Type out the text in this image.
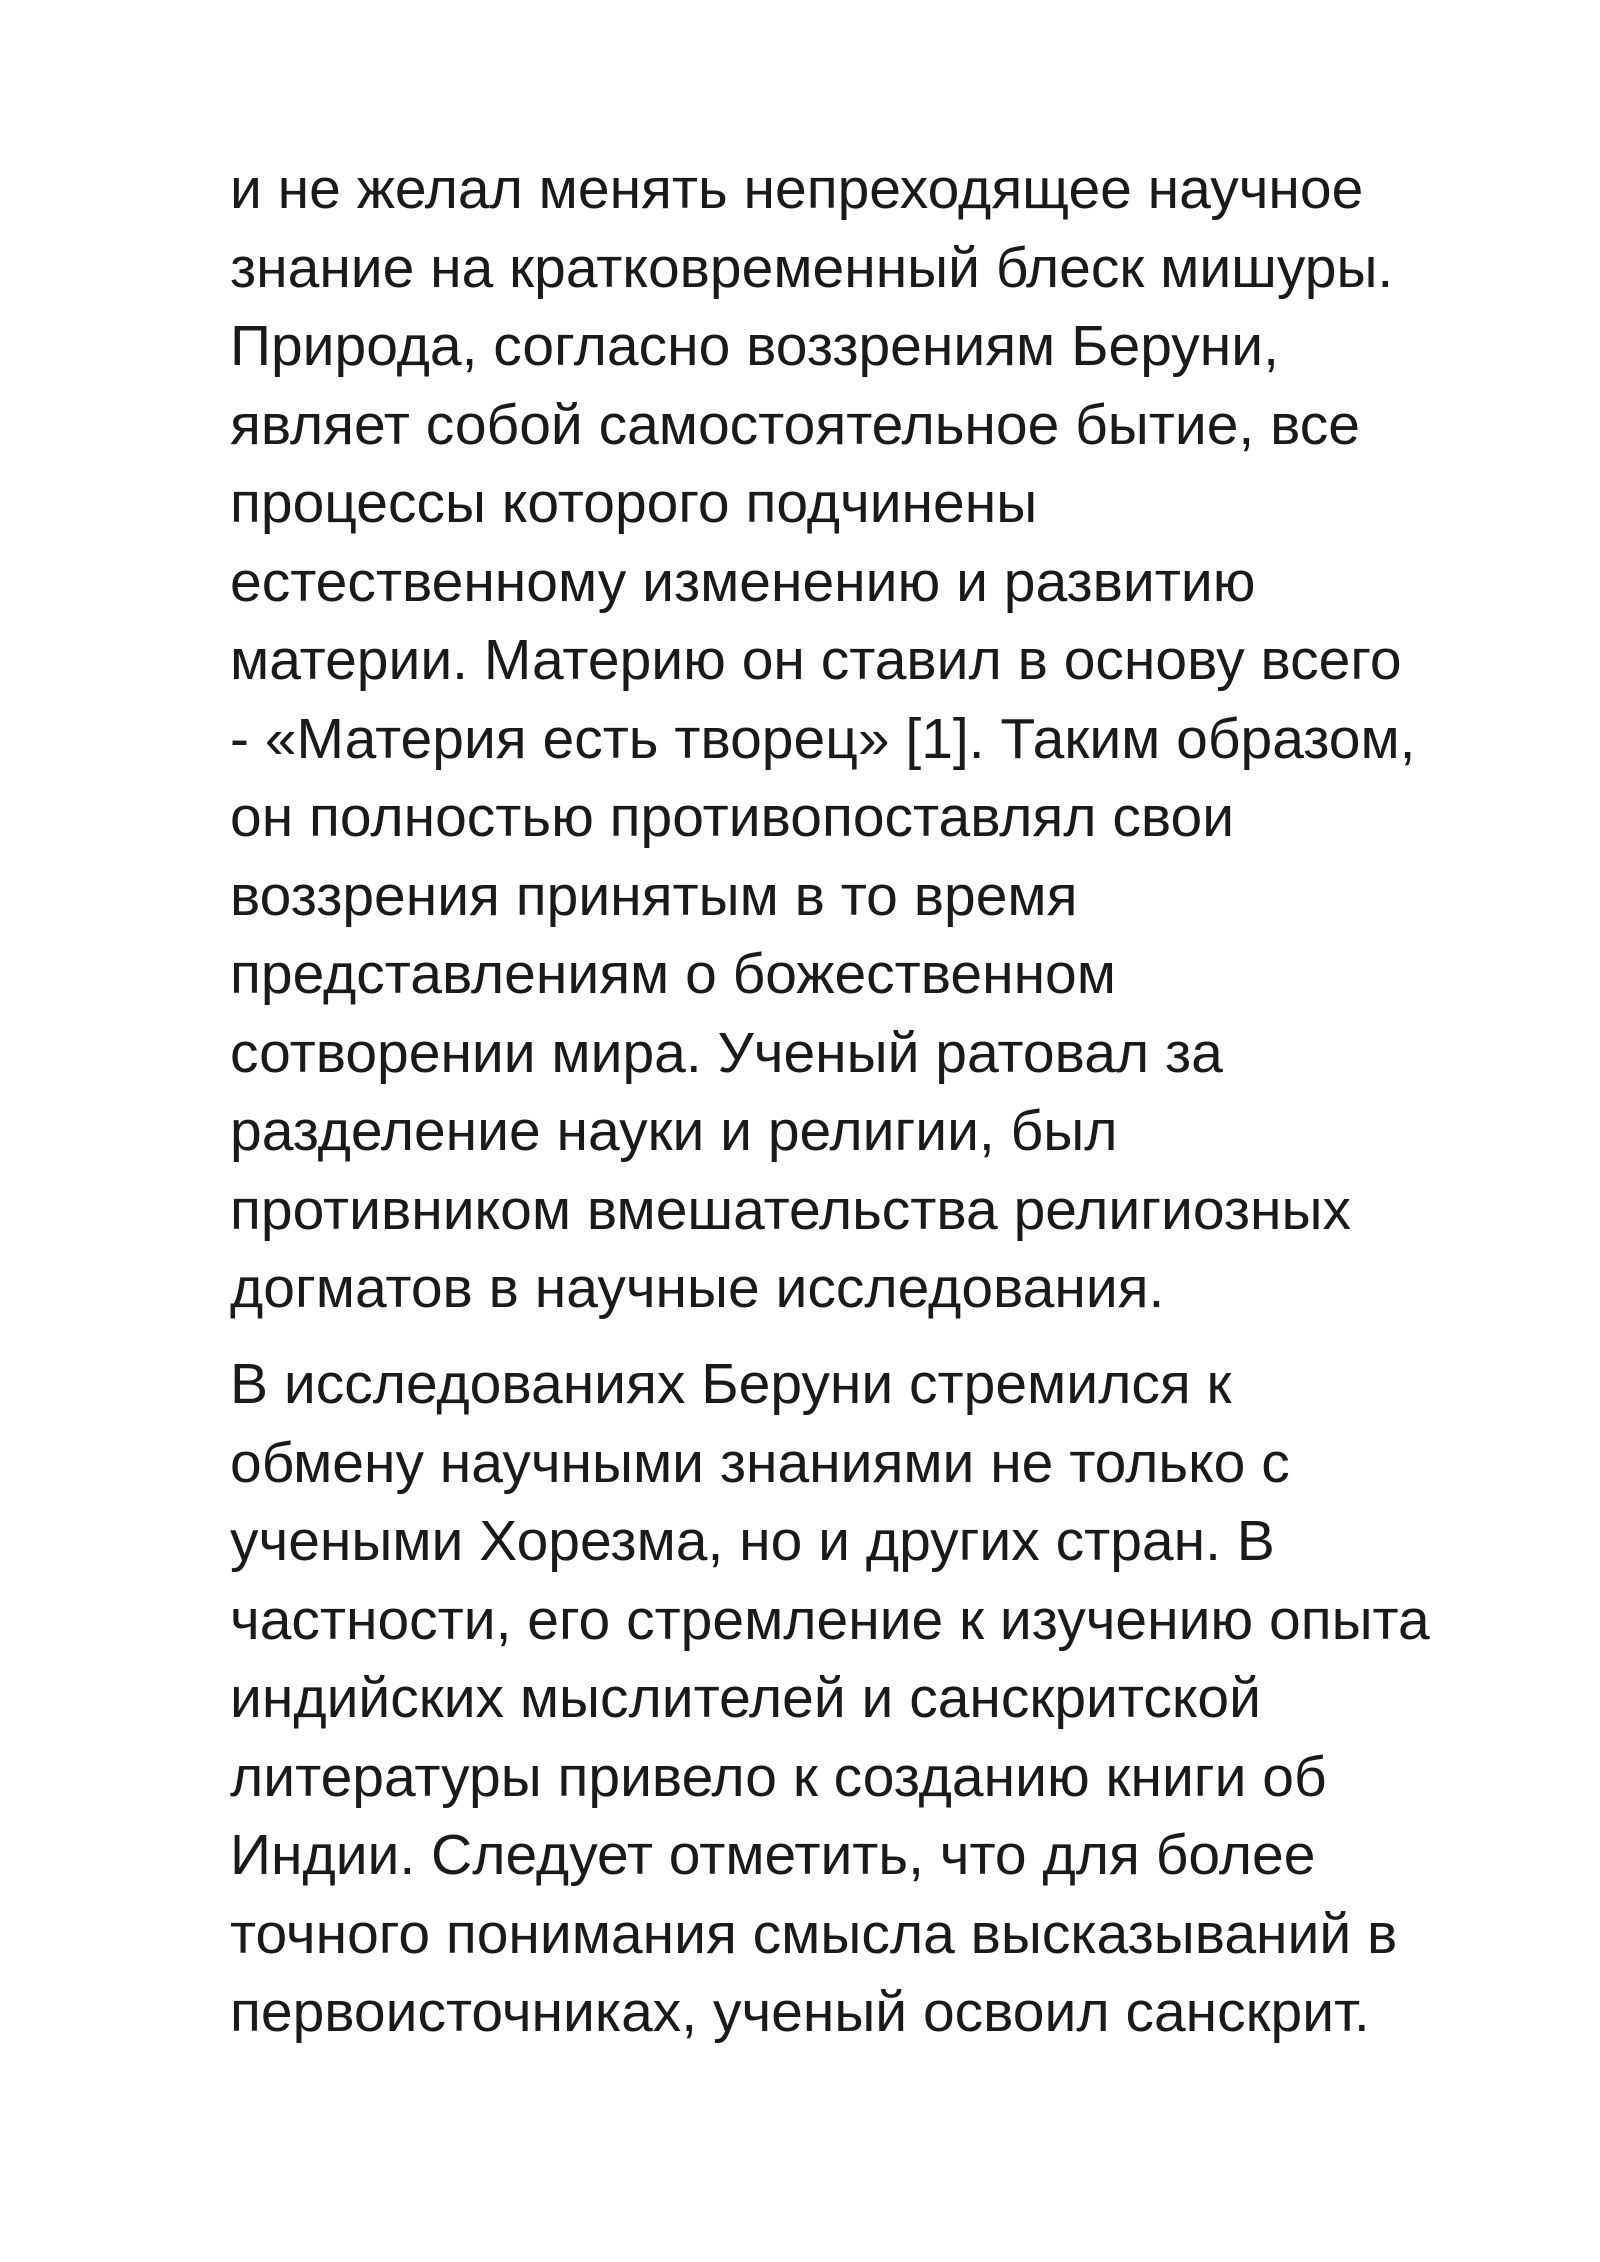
и не желал менять непреходящее научное
знание на кратковременный блеск мишуры.
Природа, согласно воззрениям Беруни,
являет собой самостоятельное бытие, все
процессы которого подчинены
естественному изменению и развитию
материи. Материю он ставил в основу всего
- «Материя есть творец» [1]. Таким образом,
он полностью противопоставлял свои
воззрения принятым в то время
представлениям о божественном
сотворении мира. Ученый ратовал за
разделение науки и религии, был
противником вмешательства религиозных
догматов в научные исследования.
В исследованиях Беруни стремился к
обмену научными знаниями не только с
учеными Хорезма, но и других стран. В
частности, его стремление к изучению опыта
индийских мыслителей и санскритской
литературы привело к созданию книги об
Индии. Следует отметить, что для более
точного понимания смысла высказываний в
первоисточниках, ученый освоил санскрит.
